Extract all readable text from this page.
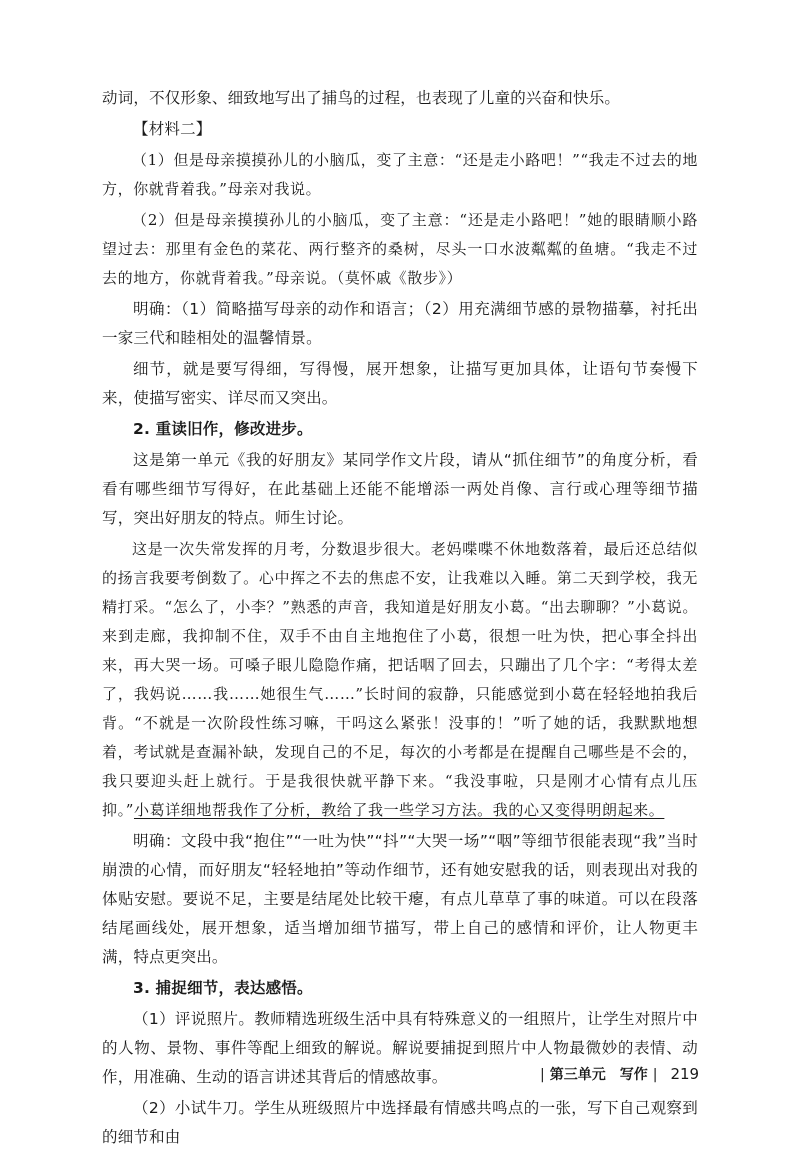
动词，不仅形象、细致地写出了捕鸟的过程，也表现了儿童的兴奋和快乐。

【材料二】

（1）但是母亲摸摸孙儿的小脑瓜，变了主意：“还是走小路吧！”“我走不过去的地方，你就背着我。”母亲对我说。

（2）但是母亲摸摸孙儿的小脑瓜，变了主意：“还是走小路吧！”她的眼睛顺小路望过去：那里有金色的菜花、两行整齐的桑树，尽头一口水波粼粼的鱼塘。“我走不过去的地方，你就背着我。”母亲说。（莫怀戚《散步》）

明确：（1）简略描写母亲的动作和语言；（2）用充满细节感的景物描摹，衬托出一家三代和睦相处的温馨情景。

细节，就是要写得细，写得慢，展开想象，让描写更加具体，让语句节奏慢下来，使描写密实、详尽而又突出。

2. 重读旧作，修改进步。

这是第一单元《我的好朋友》某同学作文片段，请从“抓住细节”的角度分析，看看有哪些细节写得好，在此基础上还能不能增添一两处肖像、言行或心理等细节描写，突出好朋友的特点。师生讨论。

这是一次失常发挥的月考，分数退步很大。老妈喋喋不休地数落着，最后还总结似的扬言我要考倒数了。心中挥之不去的焦虑不安，让我难以入睡。第二天到学校，我无精打采。“怎么了，小李？”熟悉的声音，我知道是好朋友小葛。“出去聊聊？”小葛说。来到走廊，我抑制不住，双手不由自主地抱住了小葛，很想一吐为快，把心事全抖出来，再大哭一场。可嗓子眼儿隐隐作痛，把话咽了回去，只蹦出了几个字：“考得太差了，我妈说……我……她很生气……”长时间的寂静，只能感觉到小葛在轻轻地拍我后背。“不就是一次阶段性练习嘛，干吗这么紧张！没事的！”听了她的话，我默默地想着，考试就是查漏补缺，发现自己的不足，每次的小考都是在提醒自己哪些是不会的，我只要迎头赶上就行。于是我很快就平静下来。“我没事啦，只是刚才心情有点儿压抑。”小葛详细地帮我作了分析，教给了我一些学习方法。我的心又变得明朗起来。

明确：文段中我“抱住”“一吐为快”“抖”“大哭一场”“咽”等细节很能表现“我”当时崩溃的心情，而好朋友“轻轻地拍”等动作细节，还有她安慰我的话，则表现出对我的体贴安慰。要说不足，主要是结尾处比较干瘪，有点儿草草了事的味道。可以在段落结尾画线处，展开想象，适当增加细节描写，带上自己的感情和评价，让人物更丰满，特点更突出。

3. 捕捉细节，表达感悟。

（1）评说照片。教师精选班级生活中具有特殊意义的一组照片，让学生对照片中的人物、景物、事件等配上细致的解说。解说要捕捉到照片中人物最微妙的表情、动作，用准确、生动的语言讲述其背后的情感故事。

（2）小试牛刀。学生从班级照片中选择最有情感共鸣点的一张，写下自己观察到的细节和由

| 第三单元　写作 | 219
